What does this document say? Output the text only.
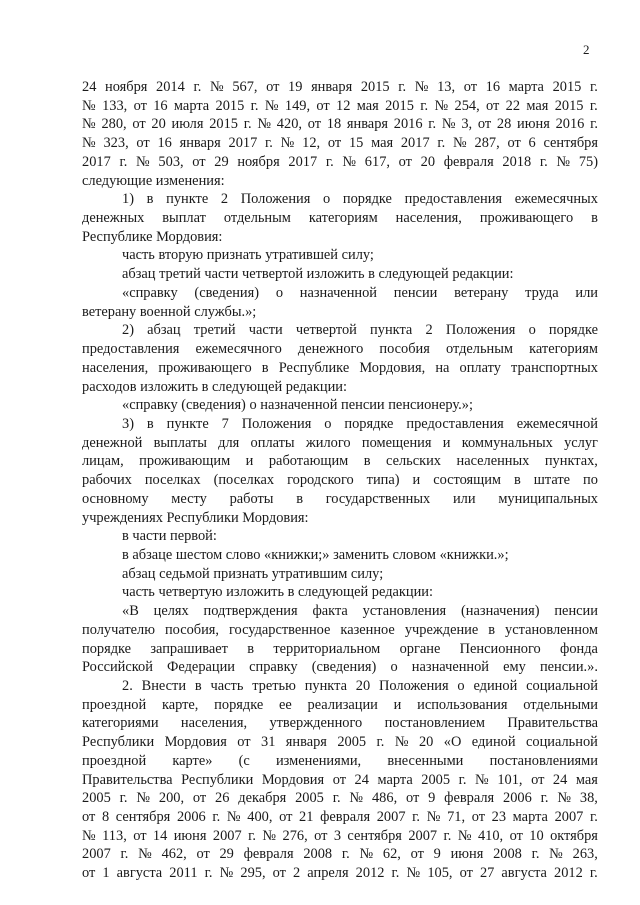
2
24 ноября 2014 г. № 567, от 19 января 2015 г. № 13, от 16 марта 2015 г.
№ 133, от 16 марта 2015 г. № 149, от 12 мая 2015 г. № 254, от 22 мая 2015 г.
№ 280, от 20 июля 2015 г. № 420, от 18 января 2016 г. № 3, от 28 июня 2016 г.
№ 323, от 16 января 2017 г. № 12, от 15 мая 2017 г. № 287, от 6 сентября
2017 г. № 503, от 29 ноября 2017 г. № 617, от 20 февраля 2018 г. № 75)
следующие изменения:
1) в пункте 2 Положения о порядке предоставления ежемесячных
денежных выплат отдельным категориям населения, проживающего в
Республике Мордовия:
часть вторую признать утратившей силу;
абзац третий части четвертой изложить в следующей редакции:
«справку (сведения) о назначенной пенсии ветерану труда или
ветерану военной службы.»;
2) абзац третий части четвертой пункта 2 Положения о порядке
предоставления ежемесячного денежного пособия отдельным категориям
населения, проживающего в Республике Мордовия, на оплату транспортных
расходов изложить в следующей редакции:
«справку (сведения) о назначенной пенсии пенсионеру.»;
3) в пункте 7 Положения о порядке предоставления ежемесячной
денежной выплаты для оплаты жилого помещения и коммунальных услуг
лицам, проживающим и работающим в сельских населенных пунктах,
рабочих поселках (поселках городского типа) и состоящим в штате по
основному месту работы в государственных или муниципальных
учреждениях Республики Мордовия:
в части первой:
в абзаце шестом слово «книжки;» заменить словом «книжки.»;
абзац седьмой признать утратившим силу;
часть четвертую изложить в следующей редакции:
«В целях подтверждения факта установления (назначения) пенсии
получателю пособия, государственное казенное учреждение в установленном
порядке запрашивает в территориальном органе Пенсионного фонда
Российской Федерации справку (сведения) о назначенной ему пенсии.».
2. Внести в часть третью пункта 20 Положения о единой социальной
проездной карте, порядке ее реализации и использования отдельными
категориями населения, утвержденного постановлением Правительства
Республики Мордовия от 31 января 2005 г. № 20 «О единой социальной
проездной карте» (с изменениями, внесенными постановлениями
Правительства Республики Мордовия от 24 марта 2005 г. № 101, от 24 мая
2005 г. № 200, от 26 декабря 2005 г. № 486, от 9 февраля 2006 г. № 38,
от 8 сентября 2006 г. № 400, от 21 февраля 2007 г. № 71, от 23 марта 2007 г.
№ 113, от 14 июня 2007 г. № 276, от 3 сентября 2007 г. № 410, от 10 октября
2007 г. № 462, от 29 февраля 2008 г. № 62, от 9 июня 2008 г. № 263,
от 1 августа 2011 г. № 295, от 2 апреля 2012 г. № 105, от 27 августа 2012 г.
